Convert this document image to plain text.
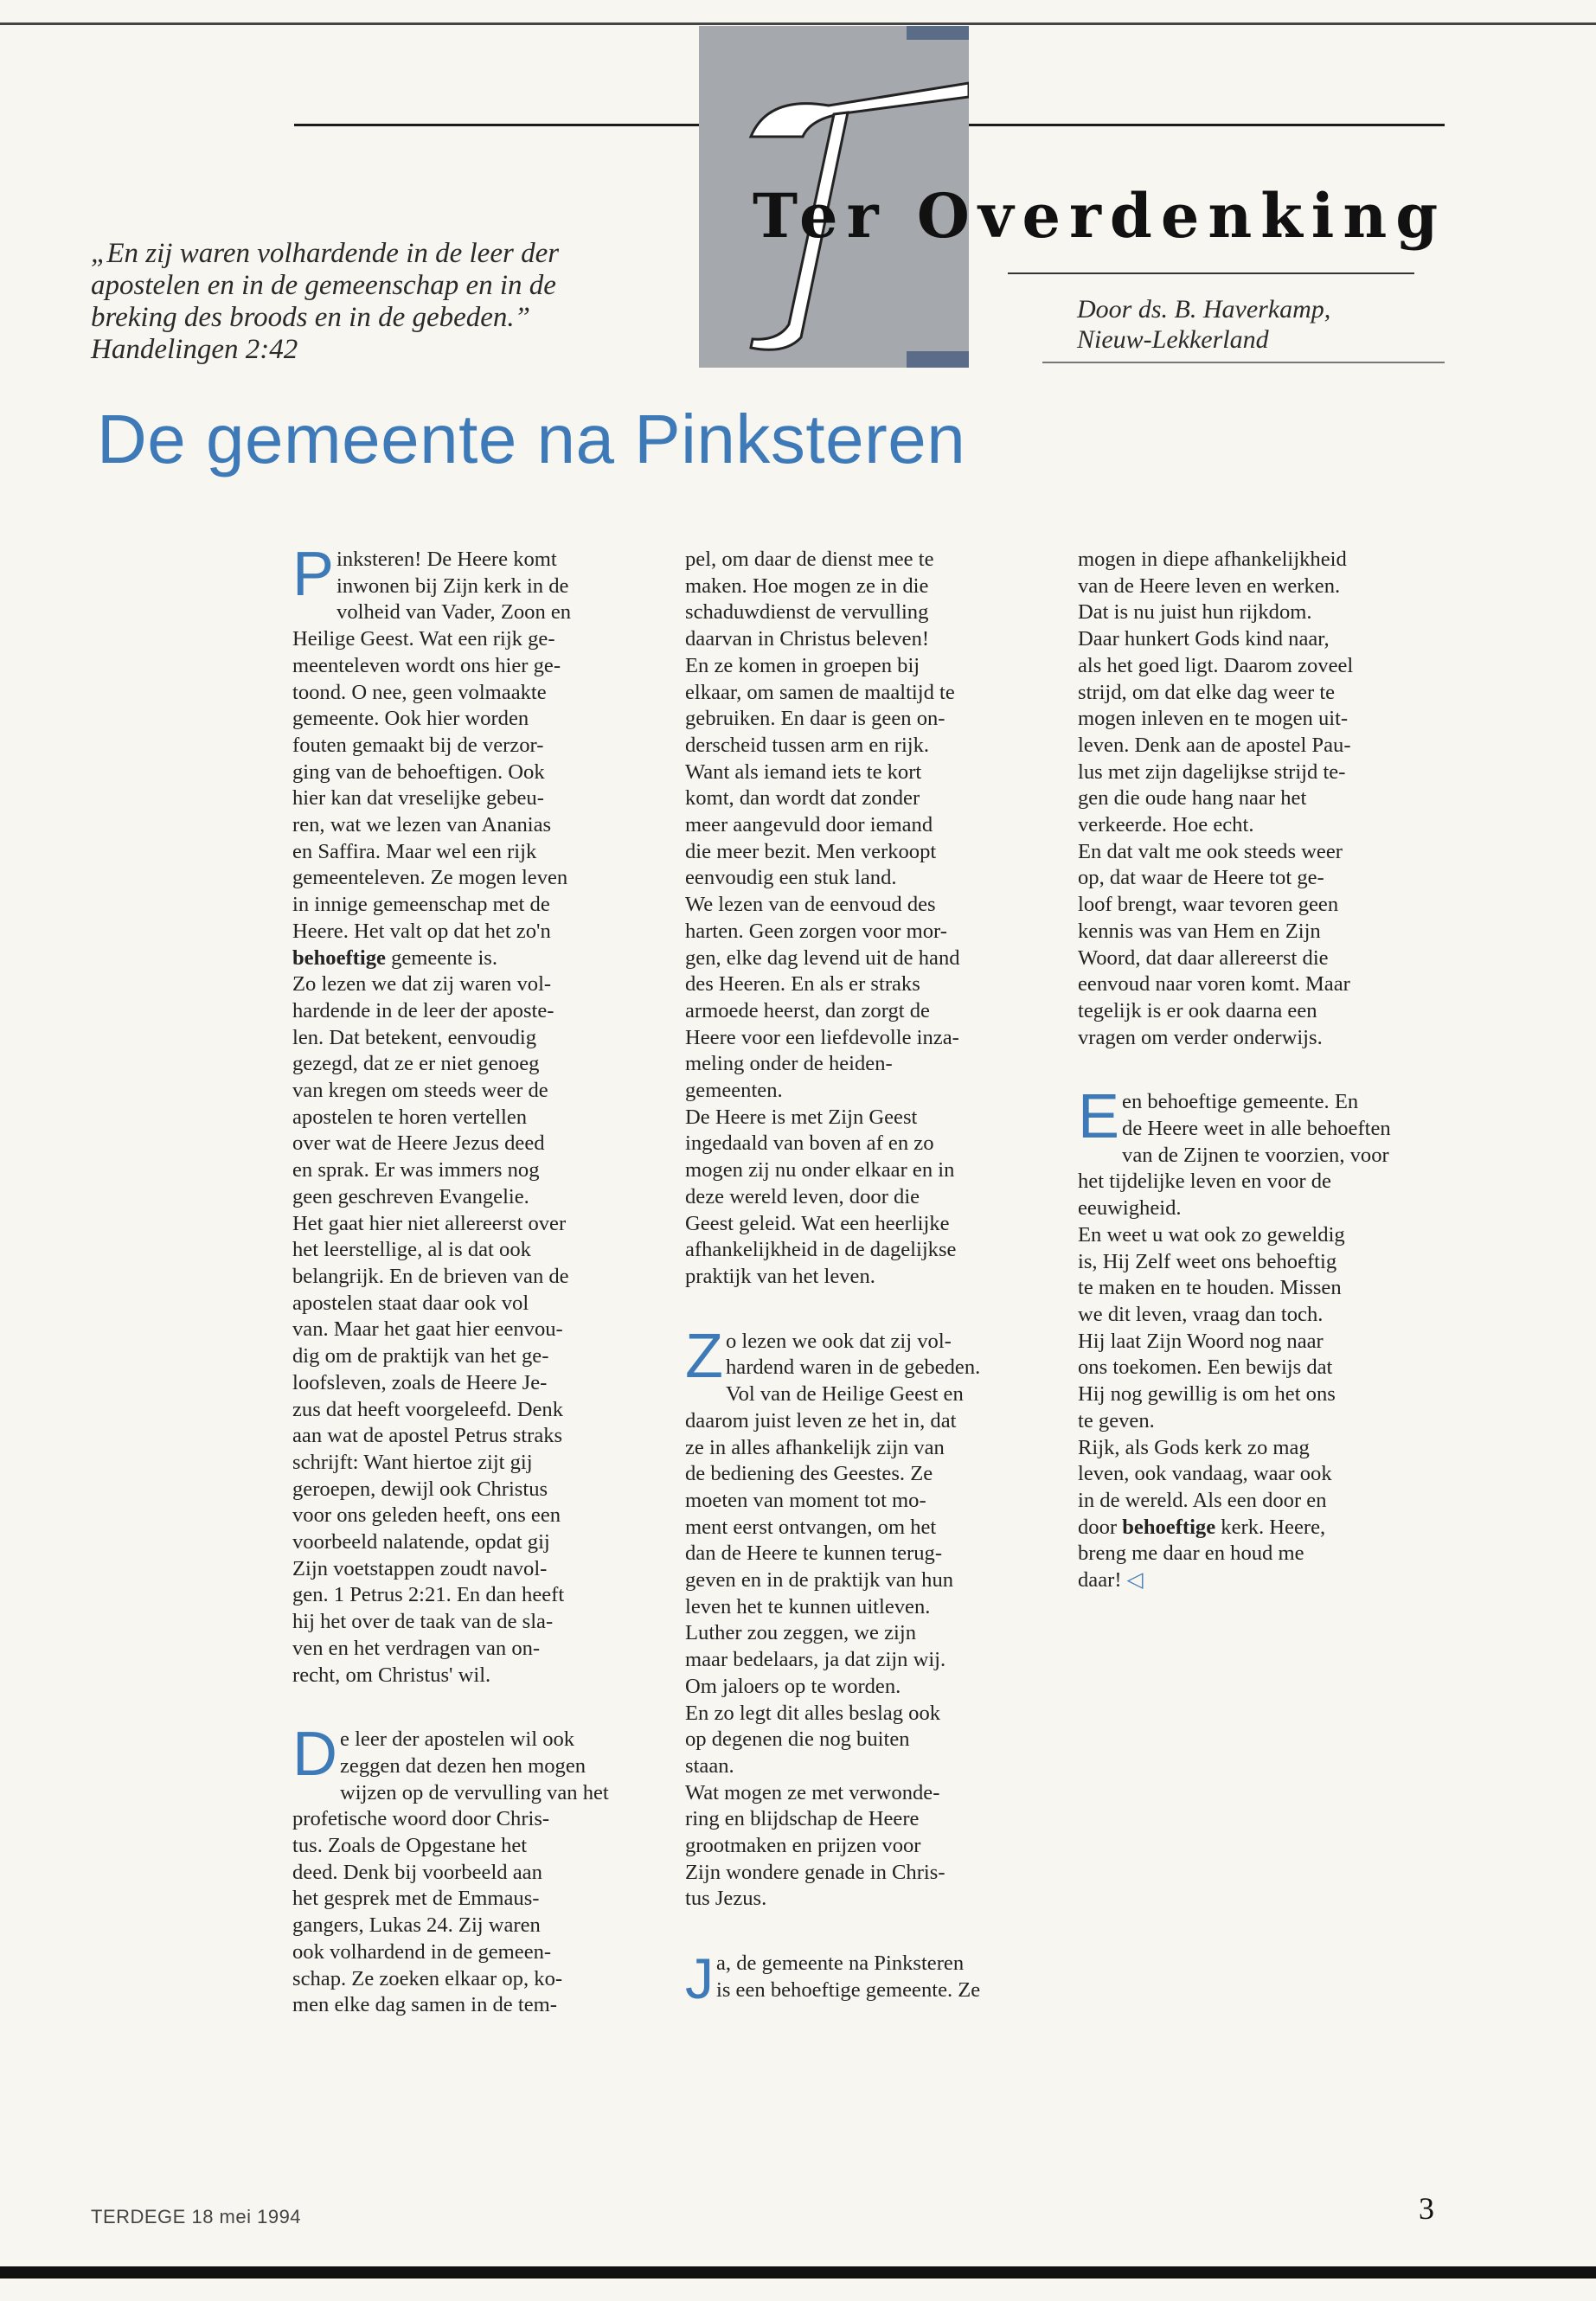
T
Ter Overdenking
Door ds. B. Haverkamp,
Nieuw-Lekkerland
„En zij waren volhardende in de leer der
apostelen en in de gemeenschap en in de
breking des broods en in de gebeden.”
Handelingen 2:42
De gemeente na Pinksteren
P inksteren! De Heere komt
inwonen bij Zijn kerk in de
volheid van Vader, Zoon en
Heilige Geest. Wat een rijk ge-
meenteleven wordt ons hier ge-
toond. O nee, geen volmaakte
gemeente. Ook hier worden
fouten gemaakt bij de verzor-
ging van de behoeftigen. Ook
hier kan dat vreselijke gebeu-
ren, wat we lezen van Ananias
en Saffira. Maar wel een rijk
gemeenteleven. Ze mogen leven
in innige gemeenschap met de
Heere. Het valt op dat het zo'n
behoeftige gemeente is.
Zo lezen we dat zij waren vol-
hardende in de leer der aposte-
len. Dat betekent, eenvoudig
gezegd, dat ze er niet genoeg
van kregen om steeds weer de
apostelen te horen vertellen
over wat de Heere Jezus deed
en sprak. Er was immers nog
geen geschreven Evangelie.
Het gaat hier niet allereerst over
het leerstellige, al is dat ook
belangrijk. En de brieven van de
apostelen staat daar ook vol
van. Maar het gaat hier eenvou-
dig om de praktijk van het ge-
loofsleven, zoals de Heere Je-
zus dat heeft voorgeleefd. Denk
aan wat de apostel Petrus straks
schrijft: Want hiertoe zijt gij
geroepen, dewijl ook Christus
voor ons geleden heeft, ons een
voorbeeld nalatende, opdat gij
Zijn voetstappen zoudt navol-
gen. 1 Petrus 2:21. En dan heeft
hij het over de taak van de sla-
ven en het verdragen van on-
recht, om Christus' wil.
D e leer der apostelen wil ook
zeggen dat dezen hen mogen
wijzen op de vervulling van het
profetische woord door Chris-
tus. Zoals de Opgestane het
deed. Denk bij voorbeeld aan
het gesprek met de Emmaus-
gangers, Lukas 24. Zij waren
ook volhardend in de gemeen-
schap. Ze zoeken elkaar op, ko-
men elke dag samen in de tem-
pel, om daar de dienst mee te
maken. Hoe mogen ze in die
schaduwdienst de vervulling
daarvan in Christus beleven!
En ze komen in groepen bij
elkaar, om samen de maaltijd te
gebruiken. En daar is geen on-
derscheid tussen arm en rijk.
Want als iemand iets te kort
komt, dan wordt dat zonder
meer aangevuld door iemand
die meer bezit. Men verkoopt
eenvoudig een stuk land.
We lezen van de eenvoud des
harten. Geen zorgen voor mor-
gen, elke dag levend uit de hand
des Heeren. En als er straks
armoede heerst, dan zorgt de
Heere voor een liefdevolle inza-
meling onder de heiden-
gemeenten.
De Heere is met Zijn Geest
ingedaald van boven af en zo
mogen zij nu onder elkaar en in
deze wereld leven, door die
Geest geleid. Wat een heerlijke
afhankelijkheid in de dagelijkse
praktijk van het leven.
Z o lezen we ook dat zij vol-
hardend waren in de gebeden.
Vol van de Heilige Geest en
daarom juist leven ze het in, dat
ze in alles afhankelijk zijn van
de bediening des Geestes. Ze
moeten van moment tot mo-
ment eerst ontvangen, om het
dan de Heere te kunnen terug-
geven en in de praktijk van hun
leven het te kunnen uitleven.
Luther zou zeggen, we zijn
maar bedelaars, ja dat zijn wij.
Om jaloers op te worden.
En zo legt dit alles beslag ook
op degenen die nog buiten
staan.
Wat mogen ze met verwonde-
ring en blijdschap de Heere
grootmaken en prijzen voor
Zijn wondere genade in Chris-
tus Jezus.
J a, de gemeente na Pinksteren
is een behoeftige gemeente. Ze
mogen in diepe afhankelijkheid
van de Heere leven en werken.
Dat is nu juist hun rijkdom.
Daar hunkert Gods kind naar,
als het goed ligt. Daarom zoveel
strijd, om dat elke dag weer te
mogen inleven en te mogen uit-
leven. Denk aan de apostel Pau-
lus met zijn dagelijkse strijd te-
gen die oude hang naar het
verkeerde. Hoe echt.
En dat valt me ook steeds weer
op, dat waar de Heere tot ge-
loof brengt, waar tevoren geen
kennis was van Hem en Zijn
Woord, dat daar allereerst die
eenvoud naar voren komt. Maar
tegelijk is er ook daarna een
vragen om verder onderwijs.
E en behoeftige gemeente. En
de Heere weet in alle behoeften
van de Zijnen te voorzien, voor
het tijdelijke leven en voor de
eeuwigheid.
En weet u wat ook zo geweldig
is, Hij Zelf weet ons behoeftig
te maken en te houden. Missen
we dit leven, vraag dan toch.
Hij laat Zijn Woord nog naar
ons toekomen. Een bewijs dat
Hij nog gewillig is om het ons
te geven.
Rijk, als Gods kerk zo mag
leven, ook vandaag, waar ook
in de wereld. Als een door en
door behoeftige kerk. Heere,
breng me daar en houd me
daar! ◁
TERDEGE 18 mei 1994	3
